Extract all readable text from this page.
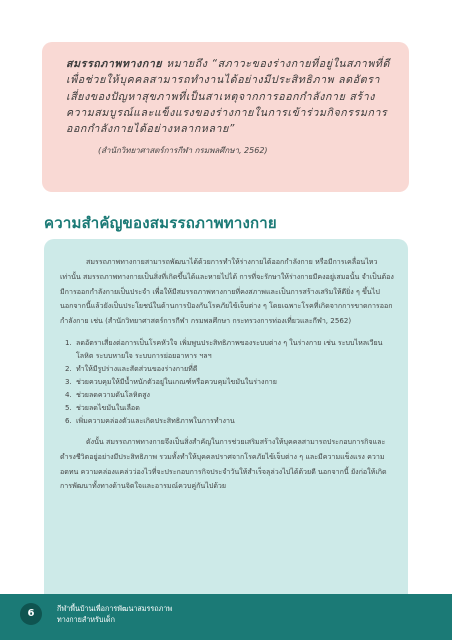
สมรรถภาพทางกาย หมายถึง “สภาวะของร่างกายที่อยู่ในสภาพที่ดีเพื่อช่วยให้บุคคลสามารถทำงานได้อย่างมีประสิทธิภาพ ลดอัตราเสี่ยงของปัญหาสุขภาพที่เป็นสาเหตุจากการออกกำลังกาย สร้างความสมบูรณ์และแข็งแรงของร่างกายในการเข้าร่วมกิจกรรมการออกกำลังกายได้อย่างหลากหลาย”

(สำนักวิทยาศาสตร์การกีฬา กรมพลศึกษา, 2562)

ความสำคัญของสมรรถภาพทางกาย

สมรรถภาพทางกายสามารถพัฒนาได้ด้วยการทำให้ร่างกายได้ออกกำลังกาย หรือมีการเคลื่อนไหวเท่านั้น สมรรถภาพทางกายเป็นสิ่งที่เกิดขึ้นได้และหายไปได้ การที่จะรักษาให้ร่างกายมีคงอยู่เสมอนั้น จำเป็นต้องมีการออกกำลังกายเป็นประจำ เพื่อให้มีสมรรถภาพทางกายที่คงสภาพและเป็นการสร้างเสริมให้ดียิ่ง ๆ ขึ้นไป นอกจากนี้แล้วยังเป็นประโยชน์ในด้านการป้องกันโรคภัยไข้เจ็บต่าง ๆ โดยเฉพาะโรคที่เกิดจากการขาดการออกกำลังกาย เช่น (สำนักวิทยาศาสตร์การกีฬา กรมพลศึกษา กระทรวงการท่องเที่ยวและกีฬา, 2562)

1. ลดอัตราเสี่ยงต่อการเป็นโรคหัวใจ เพิ่มพูนประสิทธิภาพของระบบต่าง ๆ ในร่างกาย เช่น ระบบไหลเวียนโลหิต ระบบหายใจ ระบบการย่อยอาหาร ฯลฯ
2. ทำให้มีรูปร่างและสัดส่วนของร่างกายที่ดี
3. ช่วยควบคุมให้มีน้ำหนักตัวอยู่ในเกณฑ์หรือควบคุมไขมันในร่างกาย
4. ช่วยลดความดันโลหิตสูง
5. ช่วยลดไขมันในเลือด
6. เพิ่มความคล่องตัวและเกิดประสิทธิภาพในการทำงาน

ดังนั้น สมรรถภาพทางกายจึงเป็นสิ่งสำคัญในการช่วยเสริมสร้างให้บุคคลสามารถประกอบการกิจและดำรงชีวิตอยู่อย่างมีประสิทธิภาพ รวมทั้งทำให้บุคคลปราศจากโรคภัยไข้เจ็บต่าง ๆ และมีความแข็งแรง ความอดทน ความคล่องแคล่วว่องไวที่จะประกอบการกิจประจำวันให้สำเร็จลุล่วงไปได้ด้วยดี นอกจากนี้ ยังก่อให้เกิดการพัฒนาทั้งทางด้านจิตใจและอารมณ์ควบคู่กันไปด้วย

6	กีฬาพื้นบ้านเพื่อการพัฒนาสมรรถภาพ
ทางกายสำหรับเด็ก
